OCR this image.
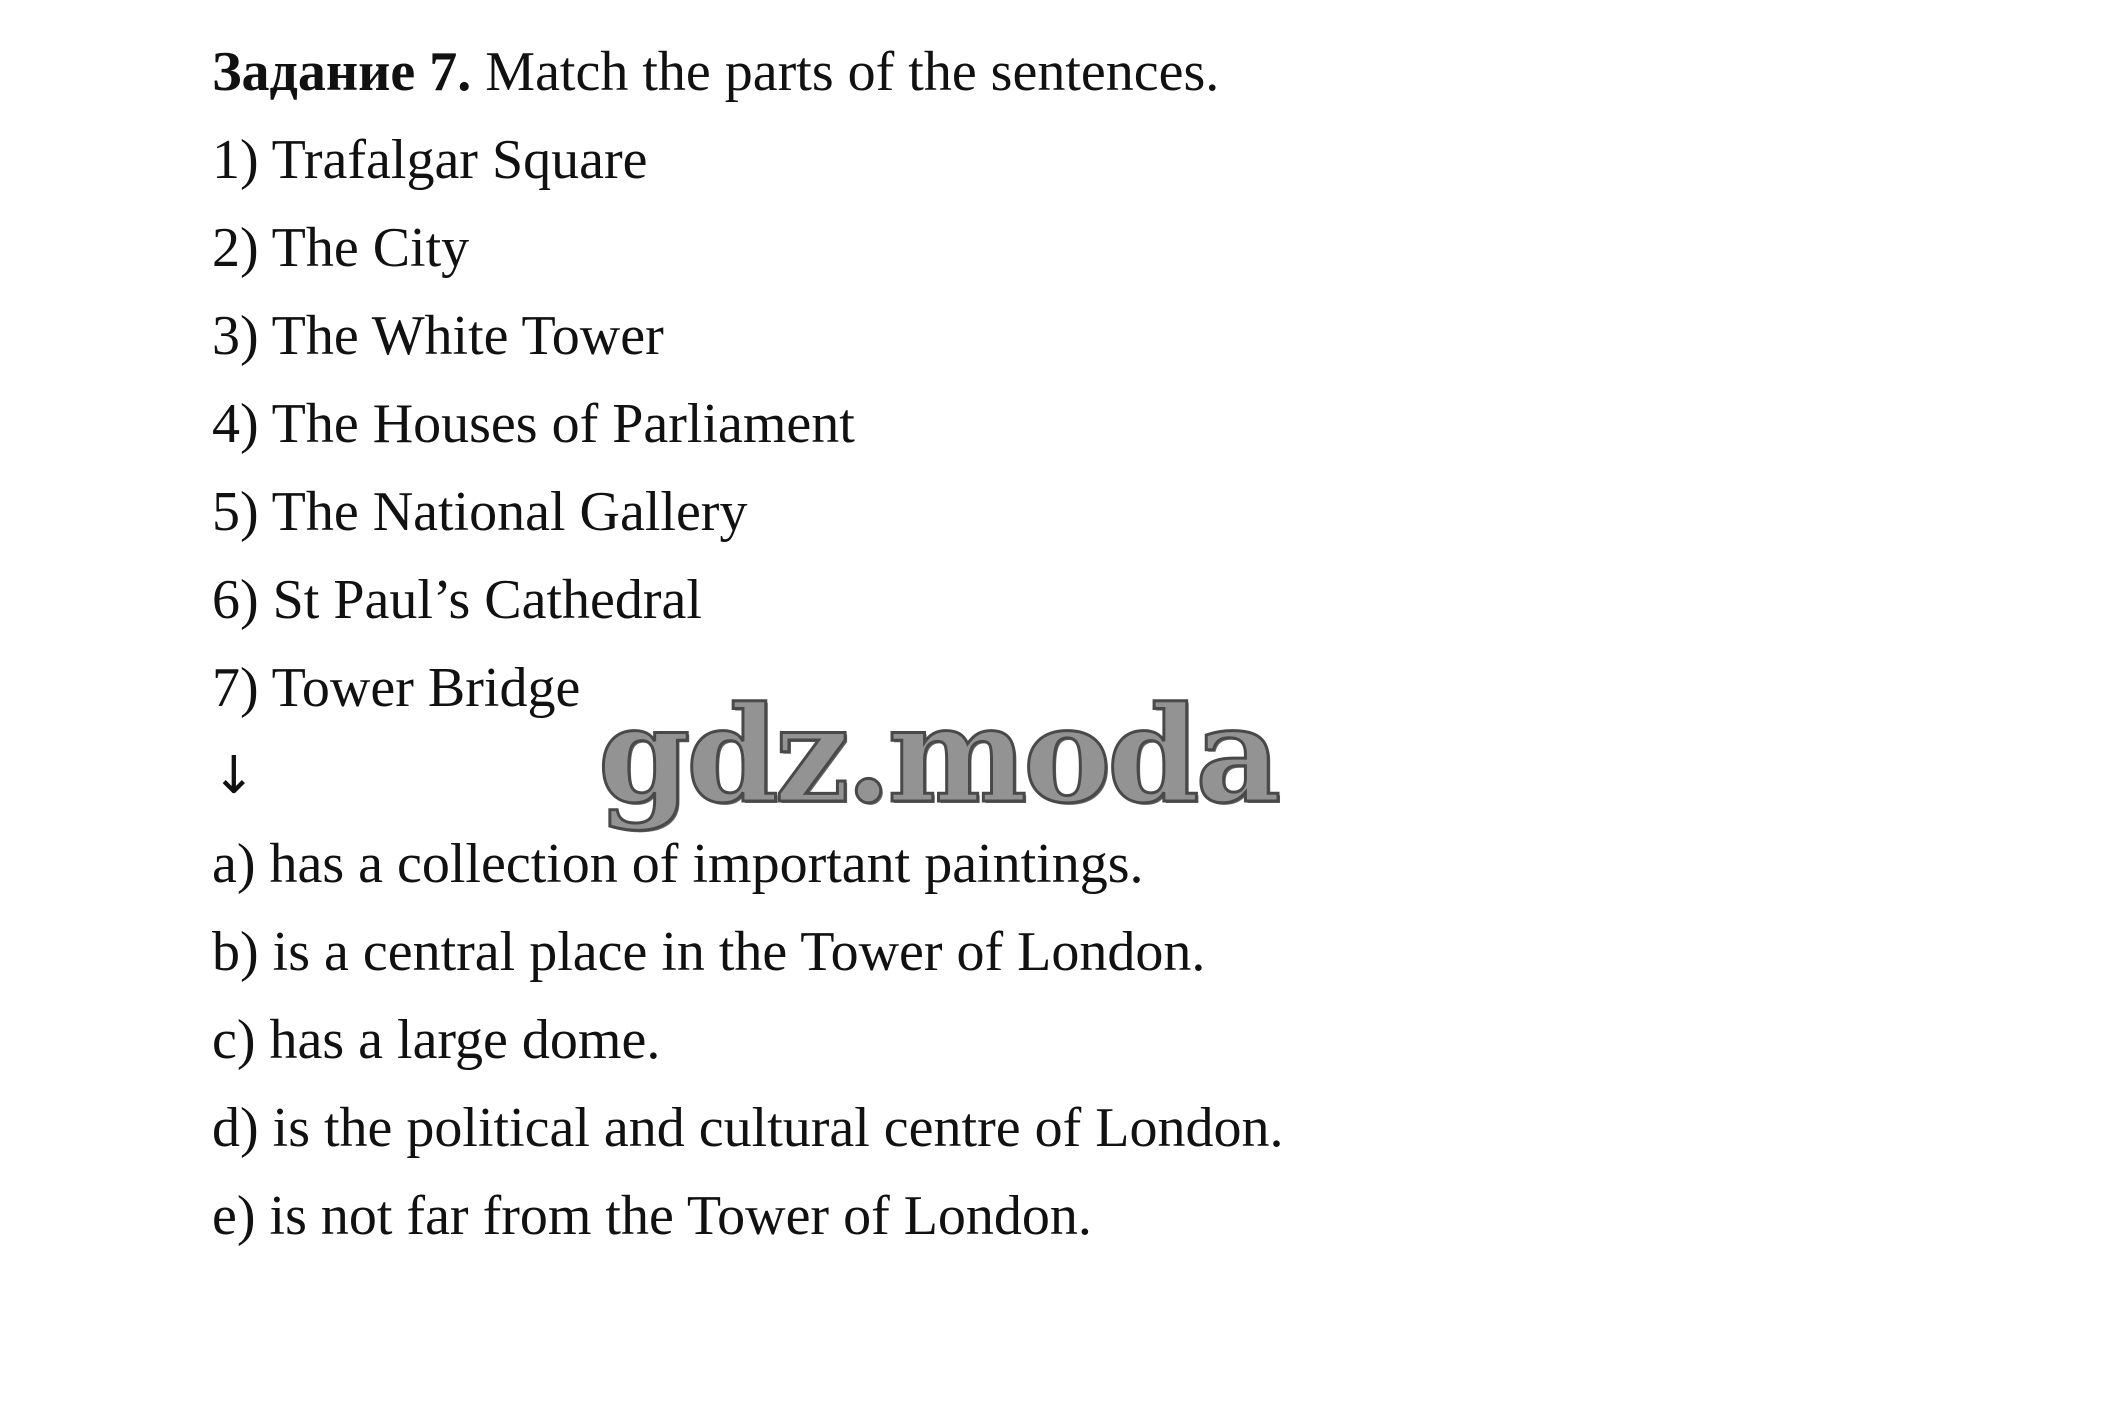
Задание 7. Match the parts of the sentences.
1) Trafalgar Square
2) The City
3) The White Tower
4) The Houses of Parliament
5) The National Gallery
6) St Paul’s Cathedral
7) Tower Bridge
↓
a) has a collection of important paintings.
b) is a central place in the Tower of London.
c) has a large dome.
d) is the political and cultural centre of London.
e) is not far from the Tower of London.
gdz.moda
